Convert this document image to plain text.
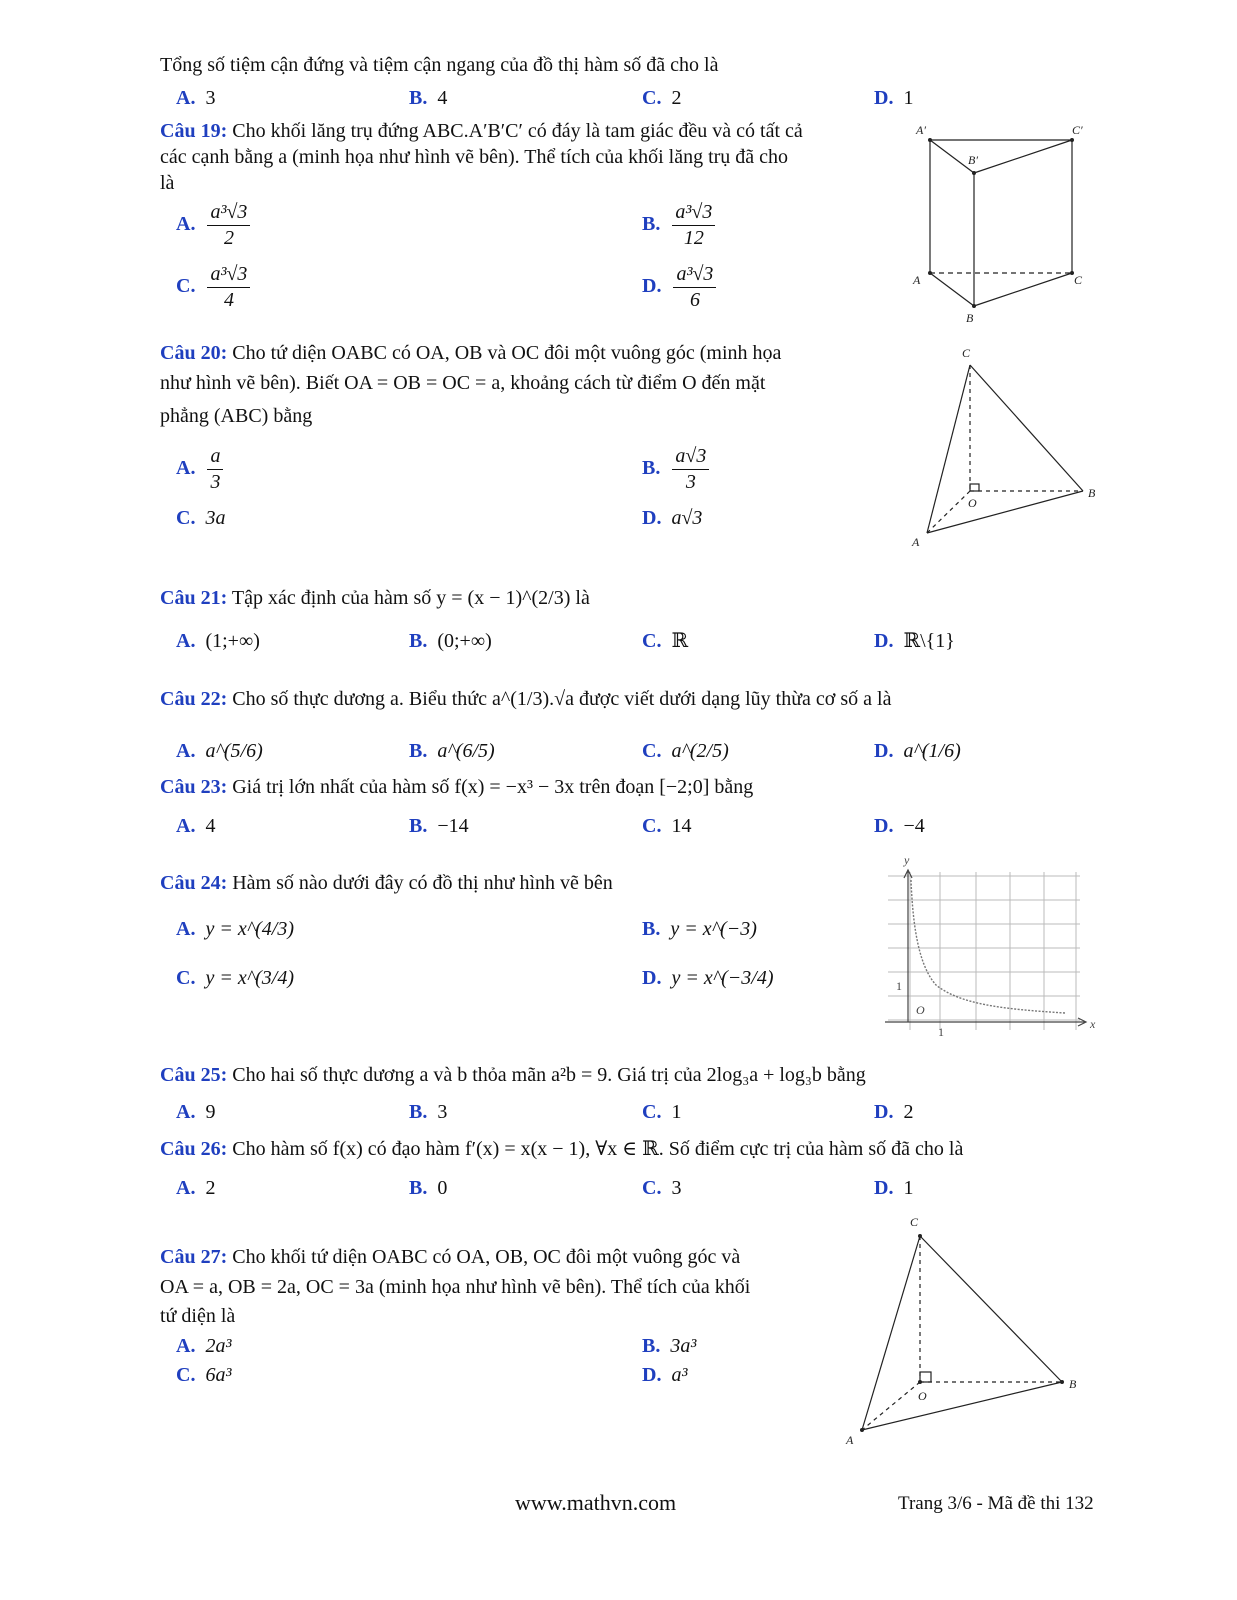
Tổng số tiệm cận đứng và tiệm cận ngang của đồ thị hàm số đã cho là
A. 3	B. 4	C. 2	D. 1
Câu 19: Cho khối lăng trụ đứng ABC.A′B′C′ có đáy là tam giác đều và có tất cả
các cạnh bằng a (minh họa như hình vẽ bên). Thể tích của khối lăng trụ đã cho
là
A. $\frac{\text{a³√3}}{2}$	B. $\frac{\text{a³√3}}{12}$
C. $\frac{\text{a³√3}}{4}$	D. $\frac{\text{a³√3}}{6}$
A′	C′
B′
A	C
B
Câu 20: Cho tứ diện OABC có OA, OB và OC đôi một vuông góc (minh họa
như hình vẽ bên). Biết OA = OB = OC = a, khoảng cách từ điểm O đến mặt
phẳng (ABC) bằng
A. $\frac{a}{3}$	B. $\frac{a√3}{3}$
C. 3a	D. a√3
C
O
B
A
Câu 21: Tập xác định của hàm số y = (x − 1)^(2/3) là
A. (1;+∞)	B. (0;+∞)	C. ℝ	D. ℝ\{1}
Câu 22: Cho số thực dương a. Biểu thức a^(1/3).√a được viết dưới dạng lũy thừa cơ số a là
A. a^(5/6)	B. a^(6/5)	C. a^(2/5)	D. a^(1/6)
Câu 23: Giá trị lớn nhất của hàm số f(x) = −x³ − 3x trên đoạn [−2;0] bằng
A. 4	B. −14	C. 14	D. −4
Câu 24: Hàm số nào dưới đây có đồ thị như hình vẽ bên
A. y = x^(4/3)	B. y = x^(−3)
C. y = x^(3/4)	D. y = x^(−3/4)
y
x
O
1
1
Câu 25: Cho hai số thực dương a và b thỏa mãn a²b = 9. Giá trị của 2log₃a + log₃b bằng
A. 9	B. 3	C. 1	D. 2
Câu 26: Cho hàm số f(x) có đạo hàm f′(x) = x(x − 1), ∀x ∈ ℝ. Số điểm cực trị của hàm số đã cho là
A. 2	B. 0	C. 3	D. 1
Câu 27: Cho khối tứ diện OABC có OA, OB, OC đôi một vuông góc và
OA = a, OB = 2a, OC = 3a (minh họa như hình vẽ bên). Thể tích của khối
tứ diện là
A. 2a³	B. 3a³
C. 6a³	D. a³
C
O
B
A
www.mathvn.com	Trang 3/6 - Mã đề thi 132
